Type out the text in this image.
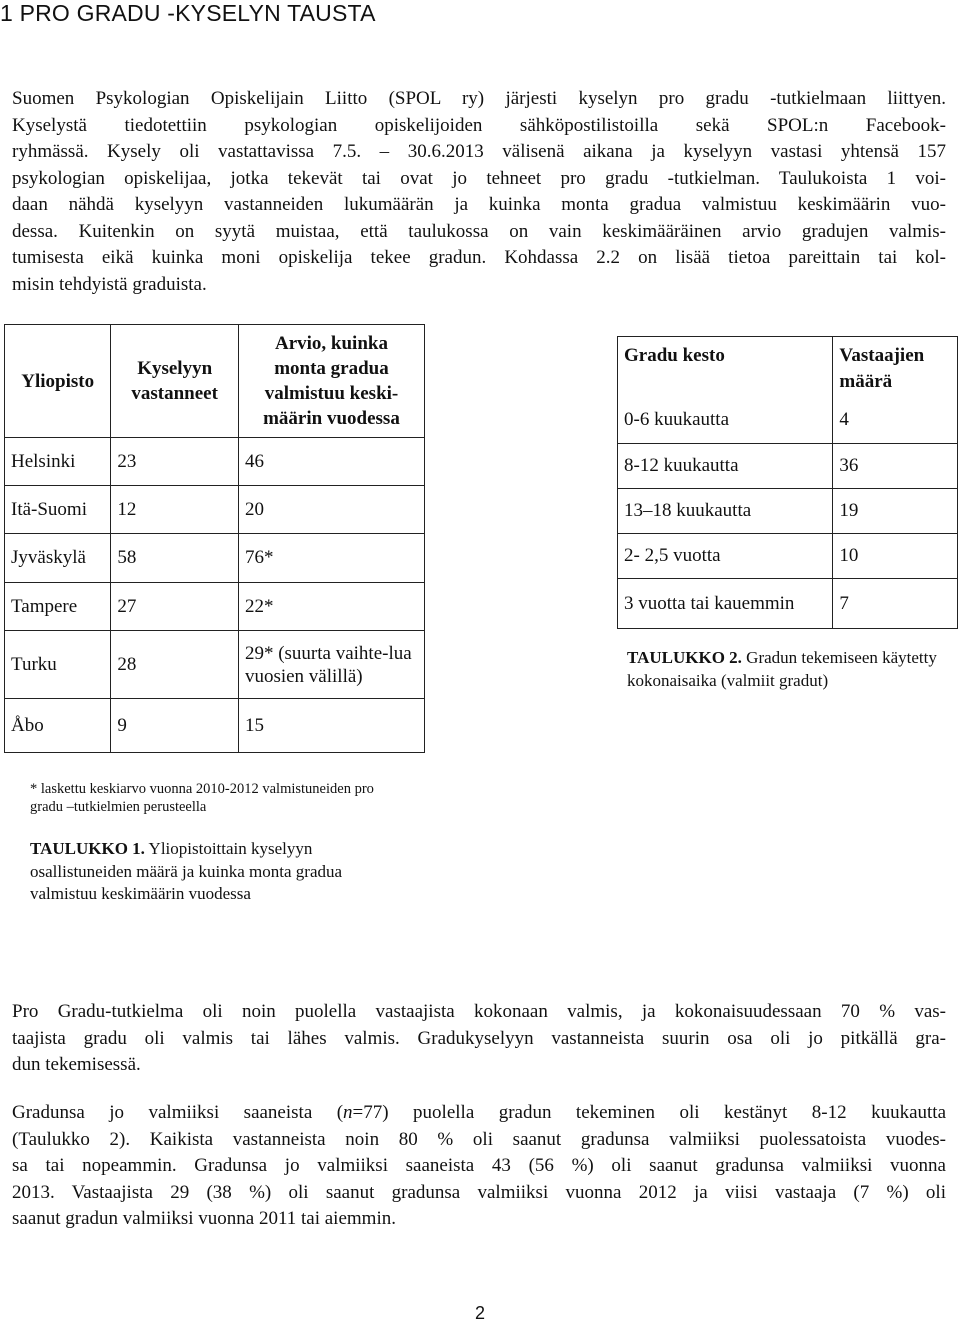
1 PRO GRADU -KYSELYN TAUSTA
Suomen Psykologian Opiskelijain Liitto (SPOL ry) järjesti kyselyn pro gradu -tutkielmaan liittyen.
Kyselystä tiedotettiin psykologian opiskelijoiden sähköpostilistoilla sekä SPOL:n Facebook-
ryhmässä. Kysely oli vastattavissa 7.5. – 30.6.2013 välisenä aikana ja kyselyyn vastasi yhtensä 157
psykologian opiskelijaa, jotka tekevät tai ovat jo tehneet pro gradu -tutkielman. Taulukoista 1 voi-
daan nähdä kyselyyn vastanneiden lukumäärän ja kuinka monta gradua valmistuu keskimäärin vuo-
dessa. Kuitenkin on syytä muistaa, että taulukossa on vain keskimääräinen arvio gradujen valmis-
tumisesta eikä kuinka moni opiskelija tekee gradun. Kohdassa 2.2 on lisää tietoa pareittain tai kol-
misin tehdyistä graduista.
Yliopisto	Kyselyyn vastanneet	Arvio, kuinka monta gradua valmistuu keski-määrin vuodessa
Helsinki	23	46
Itä-Suomi	12	20
Jyväskylä	58	76*
Tampere	27	22*
Turku	28	29* (suurta vaihte-lua vuosien välillä)
Åbo	9	15
Gradu kesto	Vastaajien määrä
0-6 kuukautta	4
8-12 kuukautta	36
13–18 kuukautta	19
2- 2,5 vuotta	10
3 vuotta tai kauemmin	7

TAULUKKO 2. Gradun tekemiseen käytetty kokonaisaika (valmiit gradut)

* laskettu keskiarvo vuonna 2010-2012 valmistuneiden pro gradu –tutkielmien perusteella

TAULUKKO 1. Yliopistoittain kyselyyn osallistuneiden määrä ja kuinka monta gradua valmistuu keskimäärin vuodessa

Pro Gradu-tutkielma oli noin puolella vastaajista kokonaan valmis, ja kokonaisuudessaan 70 % vas-
taajista gradu oli valmis tai lähes valmis. Gradukyselyyn vastanneista suurin osa oli jo pitkällä gra-
dun tekemisessä.
Gradunsa jo valmiiksi saaneista (n=77) puolella gradun tekeminen oli kestänyt 8-12 kuukautta
(Taulukko 2). Kaikista vastanneista noin 80 % oli saanut gradunsa valmiiksi puolessatoista vuodes-
sa tai nopeammin. Gradunsa jo valmiiksi saaneista 43 (56 %) oli saanut gradunsa valmiiksi vuonna
2013. Vastaajista 29 (38 %) oli saanut gradunsa valmiiksi vuonna 2012 ja viisi vastaaja (7 %) oli
saanut gradun valmiiksi vuonna 2011 tai aiemmin.
2
